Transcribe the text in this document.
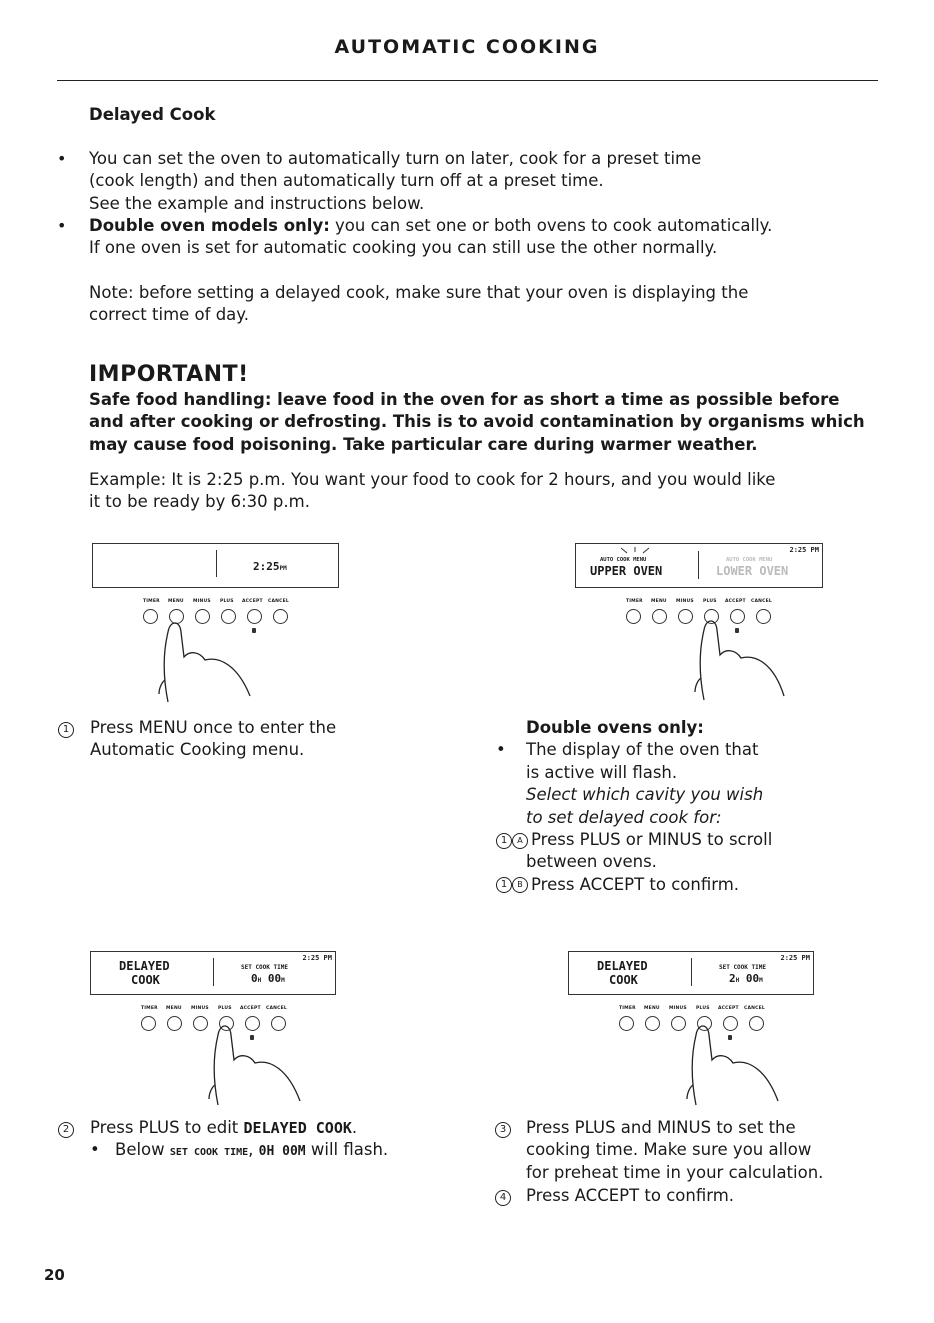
AUTOMATIC COOKING
Delayed Cook
• You can set the oven to automatically turn on later, cook for a preset time
(cook length) and then automatically turn off at a preset time.
See the example and instructions below.
• Double oven models only: you can set one or both ovens to cook automatically.
If one oven is set for automatic cooking you can still use the other normally.
Note: before setting a delayed cook, make sure that your oven is displaying the
correct time of day.
IMPORTANT!
Safe food handling: leave food in the oven for as short a time as possible before
and after cooking or defrosting. This is to avoid contamination by organisms which
may cause food poisoning. Take particular care during warmer weather.
Example: It is 2:25 p.m. You want your food to cook for 2 hours, and you would like
it to be ready by 6:30 p.m.
2:25PM
TIMER MENU MINUS PLUS ACCEPT CANCEL
2:25 PM
AUTO COOK MENU
UPPER OVEN
AUTO COOK MENU
LOWER OVEN
TIMER MENU MINUS PLUS ACCEPT CANCEL
1 Press MENU once to enter the
Automatic Cooking menu.
Double ovens only:
• The display of the oven that
is active will flash.
Select which cavity you wish
to set delayed cook for:
1 A Press PLUS or MINUS to scroll
between ovens.
1 B Press ACCEPT to confirm.
2:25 PM
DELAYED
COOK
SET COOK TIME
0H 00M
TIMER MENU MINUS PLUS ACCEPT CANCEL
2:25 PM
DELAYED
COOK
SET COOK TIME
2H 00M
TIMER MENU MINUS PLUS ACCEPT CANCEL
2 Press PLUS to edit DELAYED COOK.
• Below SET COOK TIME, 0H 00M will flash.
3 Press PLUS and MINUS to set the
cooking time. Make sure you allow
for preheat time in your calculation.
4 Press ACCEPT to confirm.
20
